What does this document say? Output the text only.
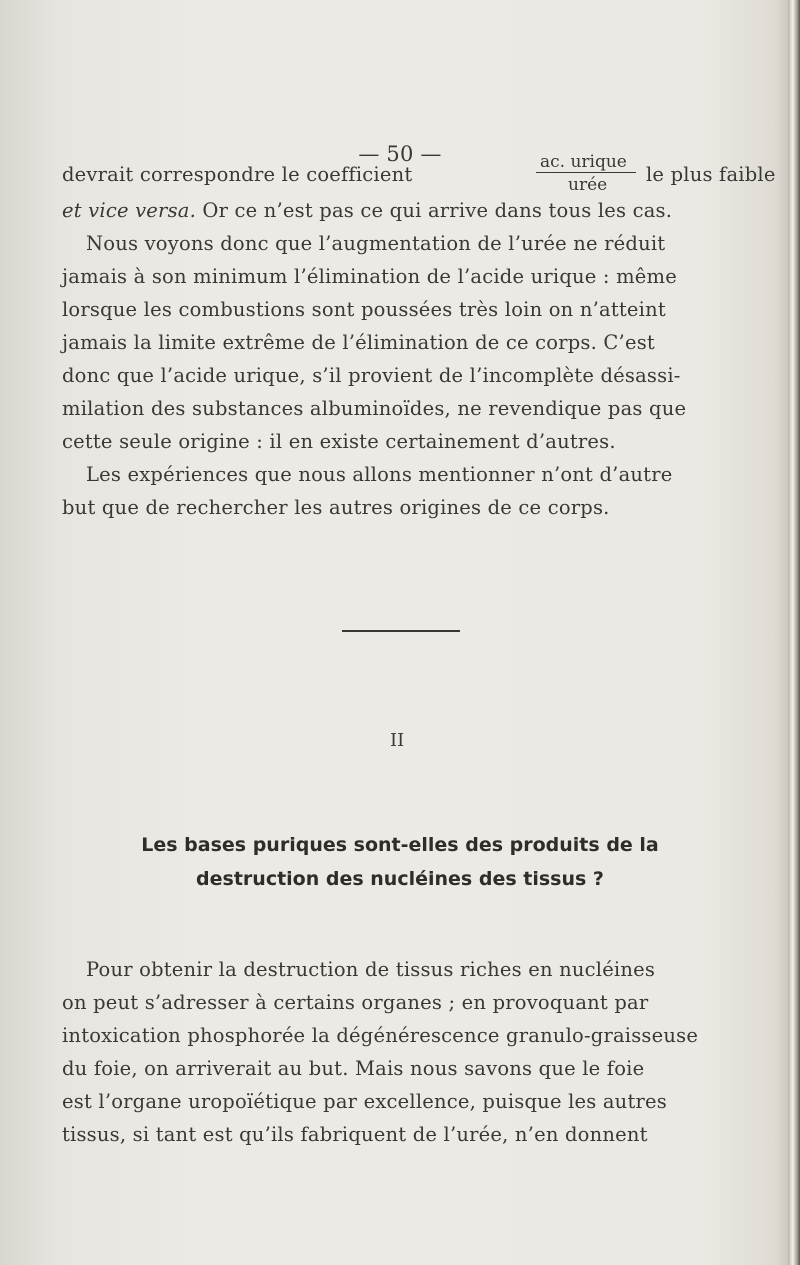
— 50 —
devrait correspondre le coefficient
ac. urique
urée le plus faible
et vice versa. Or ce n’est pas ce qui arrive dans tous les cas.
Nous voyons donc que l’augmentation de l’urée ne réduit
jamais à son minimum l’élimination de l’acide urique : même
lorsque les combustions sont poussées très loin on n’atteint
jamais la limite extrême de l’élimination de ce corps. C’est
donc que l’acide urique, s’il provient de l’incomplète désassi-
milation des substances albuminoïdes, ne revendique pas que
cette seule origine : il en existe certainement d’autres.
Les expériences que nous allons mentionner n’ont d’autre
but que de rechercher les autres origines de ce corps.
II
Les bases puriques sont-elles des produits de la
destruction des nucléines des tissus ?
Pour obtenir la destruction de tissus riches en nucléines
on peut s’adresser à certains organes ; en provoquant par
intoxication phosphorée la dégénérescence granulo-graisseuse
du foie, on arriverait au but. Mais nous savons que le foie
est l’organe uropoïétique par excellence, puisque les autres
tissus, si tant est qu’ils fabriquent de l’urée, n’en donnent
